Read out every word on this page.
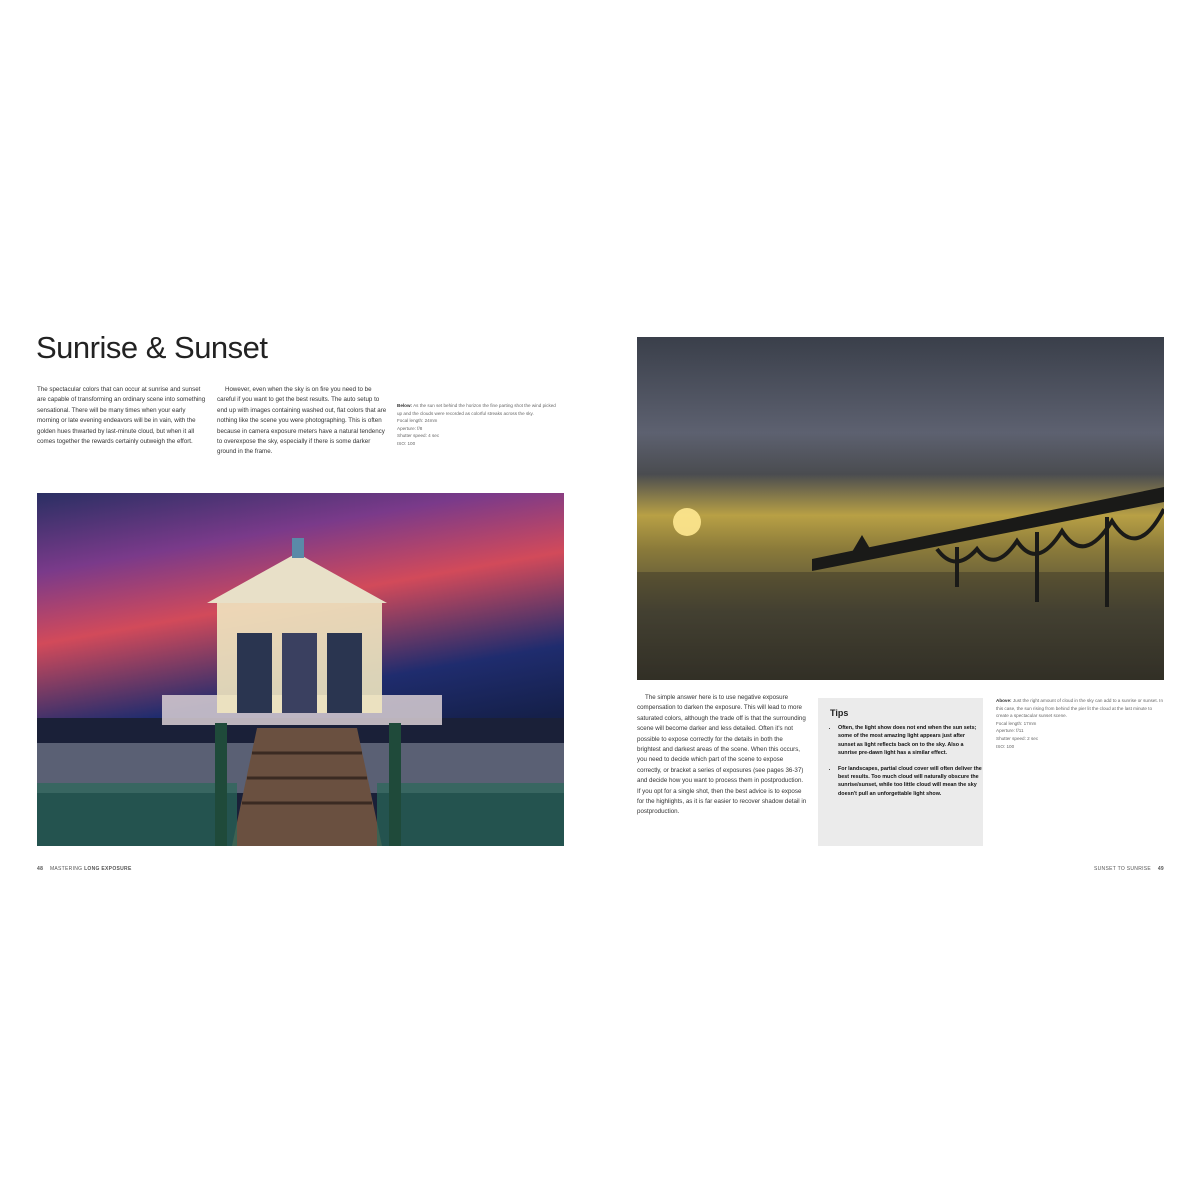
Sunrise & Sunset
The spectacular colors that can occur at sunrise and sunset are capable of transforming an ordinary scene into something sensational. There will be many times when your early morning or late evening endeavors will be in vain, with the golden hues thwarted by last-minute cloud, but when it all comes together the rewards certainly outweigh the effort.
However, even when the sky is on fire you need to be careful if you want to get the best results. The auto setup to end up with images containing washed out, flat colors that are nothing like the scene you were photographing. This is often because in camera exposure meters have a natural tendency to overexpose the sky, especially if there is some darker ground in the frame.
Below: As the sun set behind the horizon the fine parting shot the wind picked up and the clouds were recorded as colorful streaks across the sky.
Focal length: 24mm
Aperture: f/8
Shutter speed: 4 sec
ISO: 100
The simple answer here is to use negative exposure compensation to darken the exposure. This will lead to more saturated colors, although the trade off is that the surrounding scene will become darker and less detailed. Often it's not possible to expose correctly for the details in both the brightest and darkest areas of the scene. When this occurs, you need to decide which part of the scene to expose correctly, or bracket a series of exposures (see pages 36-37) and decide how you want to process them in postproduction. If you opt for a single shot, then the best advice is to expose for the highlights, as it is far easier to recover shadow detail in postproduction.
Tips
• Often, the light show does not end when the sun sets; some of the most amazing light appears just after sunset as light reflects back on to the sky. Also a sunrise pre-dawn light has a similar effect.
• For landscapes, partial cloud cover will often deliver the best results. Too much cloud will naturally obscure the sunrise/sunset, while too little cloud will mean the sky doesn't pull an unforgettable light show.
Above: Just the right amount of cloud in the sky can add to a sunrise or sunset. In this case, the sun rising from behind the pier lit the cloud at the last minute to create a spectacular sunset scene.
Focal length: 17mm
Aperture: f/11
Shutter speed: 2 sec
ISO: 100
48 MASTERING LONG EXPOSURE	SUNSET TO SUNRISE 49
